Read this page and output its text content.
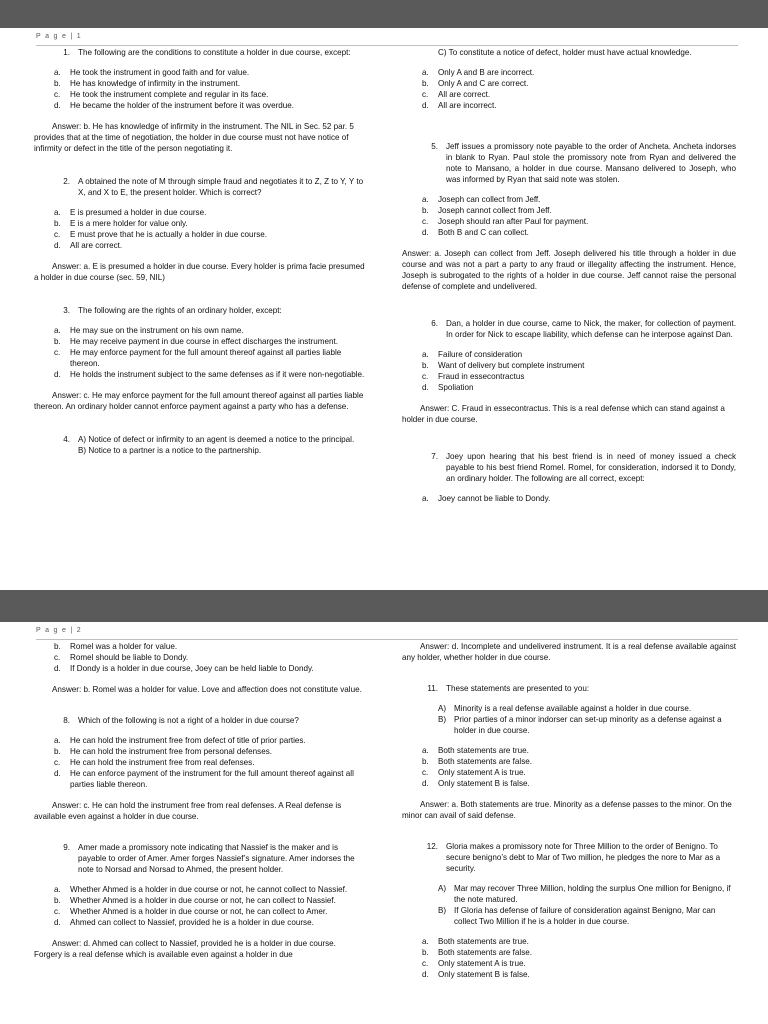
P a g e | 1
1. The following are the conditions to constitute a holder in due course, except:
a.	He took the instrument in good faith and for value.
b.	He has knowledge of infirmity in the instrument.
c.	He took the instrument complete and regular in its face.
d.	He became the holder of the instrument before it was overdue.
Answer: b. He has knowledge of infirmity in the instrument. The NIL in Sec. 52 par. 5 provides that at the time of negotiation, the holder in due course must not have notice of infirmity or defect in the title of the person negotiating it.
2. A obtained the note of M through simple fraud and negotiates it to Z, Z to Y, Y to X, and X to E, the present holder. Which is correct?
a.	E is presumed a holder in due course.
b.	E is a mere holder for value only.
c.	E must prove that he is actually a holder in due course.
d.	All are correct.
Answer: a. E is presumed a holder in due course. Every holder is prima facie presumed a holder in due course (sec. 59, NIL)
3. The following are the rights of an ordinary holder, except:
a.	He may sue on the instrument on his own name.
b.	He may receive payment in due course in effect discharges the instrument.
c.	He may enforce payment for the full amount thereof against all parties liable thereon.
d.	He holds the instrument subject to the same defenses as if it were non-negotiable.
Answer: c. He may enforce payment for the full amount thereof against all parties liable thereon. An ordinary holder cannot enforce payment against a party who has a defense.
4. A) Notice of defect or infirmity to an agent is deemed a notice to the principal.
B) Notice to a partner is a notice to the partnership.
C) To constitute a notice of defect, holder must have actual knowledge.
a.	Only A and B are incorrect.
b.	Only A and C are correct.
c.	All are correct.
d.	All are incorrect.
5. Jeff issues a promissory note payable to the order of Ancheta. Ancheta indorses in blank to Ryan. Paul stole the promissory note from Ryan and delivered the note to Mansano, a holder in due course. Mansano delivered to Joseph, who was informed by Ryan that said note was stolen.
a.	Joseph can collect from Jeff.
b.	Joseph cannot collect from Jeff.
c.	Joseph should ran after Paul for payment.
d.	Both B and C can collect.
Answer: a. Joseph can collect from Jeff. Joseph delivered his title through a holder in due course and was not a part a party to any fraud or illegality affecting the instrument. Hence, Joseph is subrogated to the rights of a holder in due course. Jeff cannot raise the personal defense of complete and undelivered.
6. Dan, a holder in due course, came to Nick, the maker, for collection of payment. In order for Nick to escape liability, which defense can he interpose against Dan.
a.	Failure of consideration
b.	Want of delivery but complete instrument
c.	Fraud in essecontractus
d.	Spoliation
Answer: C. Fraud in essecontractus. This is a real defense which can stand against a holder in due course.
7. Joey upon hearing that his best friend is in need of money issued a check payable to his best friend Romel. Romel, for consideration, indorsed it to Dondy, an ordinary holder. The following are all correct, except:
a.	Joey cannot be liable to Dondy.
P a g e | 2
b.	Romel was a holder for value.
c.	Romel should be liable to Dondy.
d.	If Dondy is a holder in due course, Joey can be held liable to Dondy.
Answer: b. Romel was a holder for value. Love and affection does not constitute value.
8. Which of the following is not a right of a holder in due course?
a.	He can hold the instrument free from defect of title of prior parties.
b.	He can hold the instrument free from personal defenses.
c.	He can hold the instrument free from real defenses.
d.	He can enforce payment of the instrument for the full amount thereof against all parties liable thereon.
Answer: c. He can hold the instrument free from real defenses. A Real defense is available even against a holder in due course.
9. Amer made a promissory note indicating that Nassief is the maker and is payable to order of Amer. Amer forges Nassief’s signature. Amer indorses the note to Norsad and Norsad to Ahmed, the present holder.
a.	Whether Ahmed is a holder in due course or not, he cannot collect to Nassief.
b.	Whether Ahmed is a holder in due course or not, he can collect to Nassief.
c.	Whether Ahmed is a holder in due course or not, he can collect to Amer.
d.	Ahmed can collect to Nassief, provided he is a holder in due course.
Answer: d. Ahmed can collect to Nassief, provided he is a holder in due course. Forgery is a real defense which is available even against a holder in due
Answer: d. Incomplete and undelivered instrument. It is a real defense available against any holder, whether holder in due course.
11. These statements are presented to you:
A) Minority is a real defense available against a holder in due course.
B) Prior parties of a minor indorser can set-up minority as a defense against a holder in due course.
a.	Both statements are true.
b.	Both statements are false.
c.	Only statement A is true.
d.	Only statement B is false.
Answer: a. Both statements are true. Minority as a defense passes to the minor. On the minor can avail of said defense.
12. Gloria makes a promissory note for Three Million to the order of Benigno. To secure benigno’s debt to Mar of Two million, he pledges the nore to Mar as a security.
A) Mar may recover Three Million, holding the surplus One million for Benigno, if the note matured.
B) If Gloria has defense of failure of consideration against Benigno, Mar can collect Two Million if he is a holder in due course.
a.	Both statements are true.
b.	Both statements are false.
c.	Only statement A is true.
d.	Only statement B is false.
